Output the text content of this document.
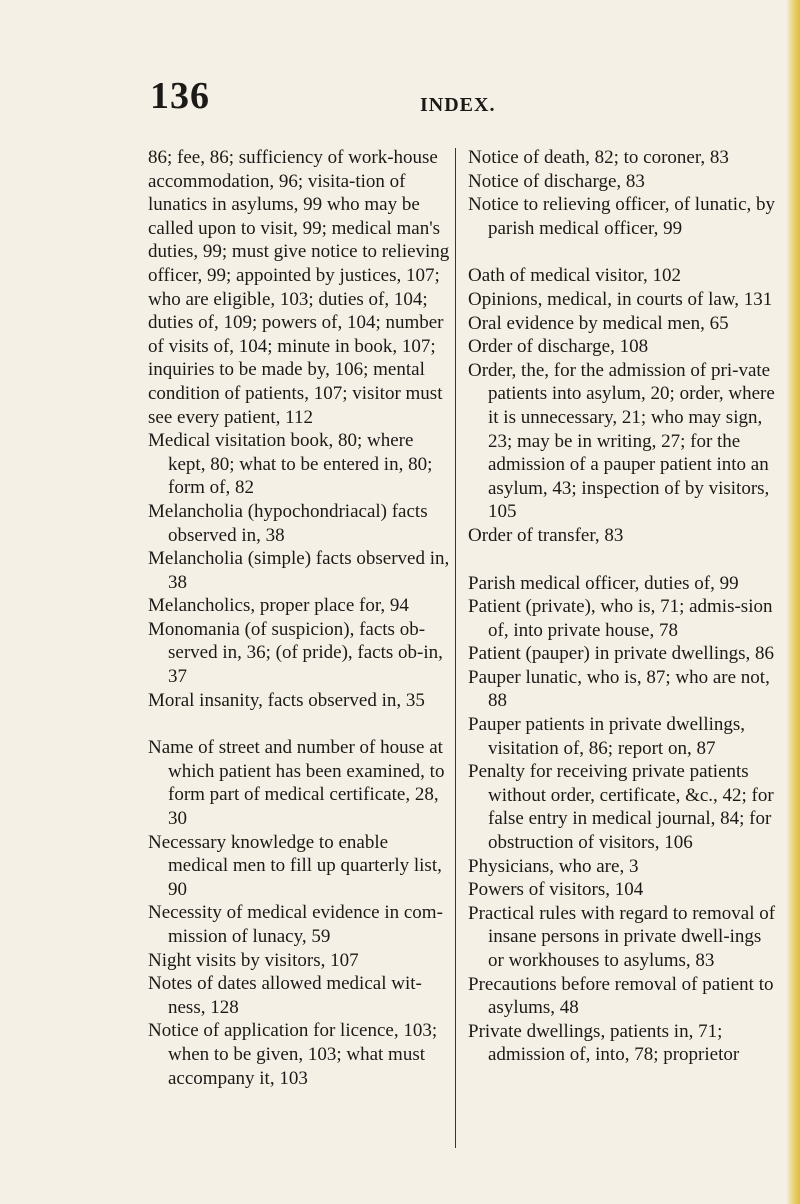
136	INDEX.

86; fee, 86; sufficiency of work-house accommodation, 96; visita-tion of lunatics in asylums, 99 who may be called upon to visit, 99; medical man's duties, 99; must give notice to relieving officer, 99; appointed by justices, 107; who are eligible, 103; duties of, 104; duties of, 109; powers of, 104; number of visits of, 104; minute in book, 107; inquiries to be made by, 106; mental condition of patients, 107; visitor must see every patient, 112

Medical visitation book, 80; where kept, 80; what to be entered in, 80; form of, 82

Melancholia (hypochondriacal) facts observed in, 38

Melancholia (simple) facts observed in, 38

Melancholics, proper place for, 94

Monomania (of suspicion), facts ob-served in, 36; (of pride), facts ob-in, 37

Moral insanity, facts observed in, 35

Name of street and number of house at which patient has been examined, to form part of medical certificate, 28, 30

Necessary knowledge to enable medical men to fill up quarterly list, 90

Necessity of medical evidence in com-mission of lunacy, 59

Night visits by visitors, 107

Notes of dates allowed medical wit-ness, 128

Notice of application for licence, 103; when to be given, 103; what must accompany it, 103

Notice of death, 82; to coroner, 83

Notice of discharge, 83

Notice to relieving officer, of lunatic, by parish medical officer, 99

Oath of medical visitor, 102

Opinions, medical, in courts of law, 131

Oral evidence by medical men, 65

Order of discharge, 108

Order, the, for the admission of pri-vate patients into asylum, 20; order, where it is unnecessary, 21; who may sign, 23; may be in writing, 27; for the admission of a pauper patient into an asylum, 43; inspection of by visitors, 105

Order of transfer, 83

Parish medical officer, duties of, 99

Patient (private), who is, 71; admis-sion of, into private house, 78

Patient (pauper) in private dwellings, 86

Pauper lunatic, who is, 87; who are not, 88

Pauper patients in private dwellings, visitation of, 86; report on, 87

Penalty for receiving private patients without order, certificate, &c., 42; for false entry in medical journal, 84; for obstruction of visitors, 106

Physicians, who are, 3

Powers of visitors, 104

Practical rules with regard to removal of insane persons in private dwell-ings or workhouses to asylums, 83

Precautions before removal of patient to asylums, 48

Private dwellings, patients in, 71; admission of, into, 78; proprietor
